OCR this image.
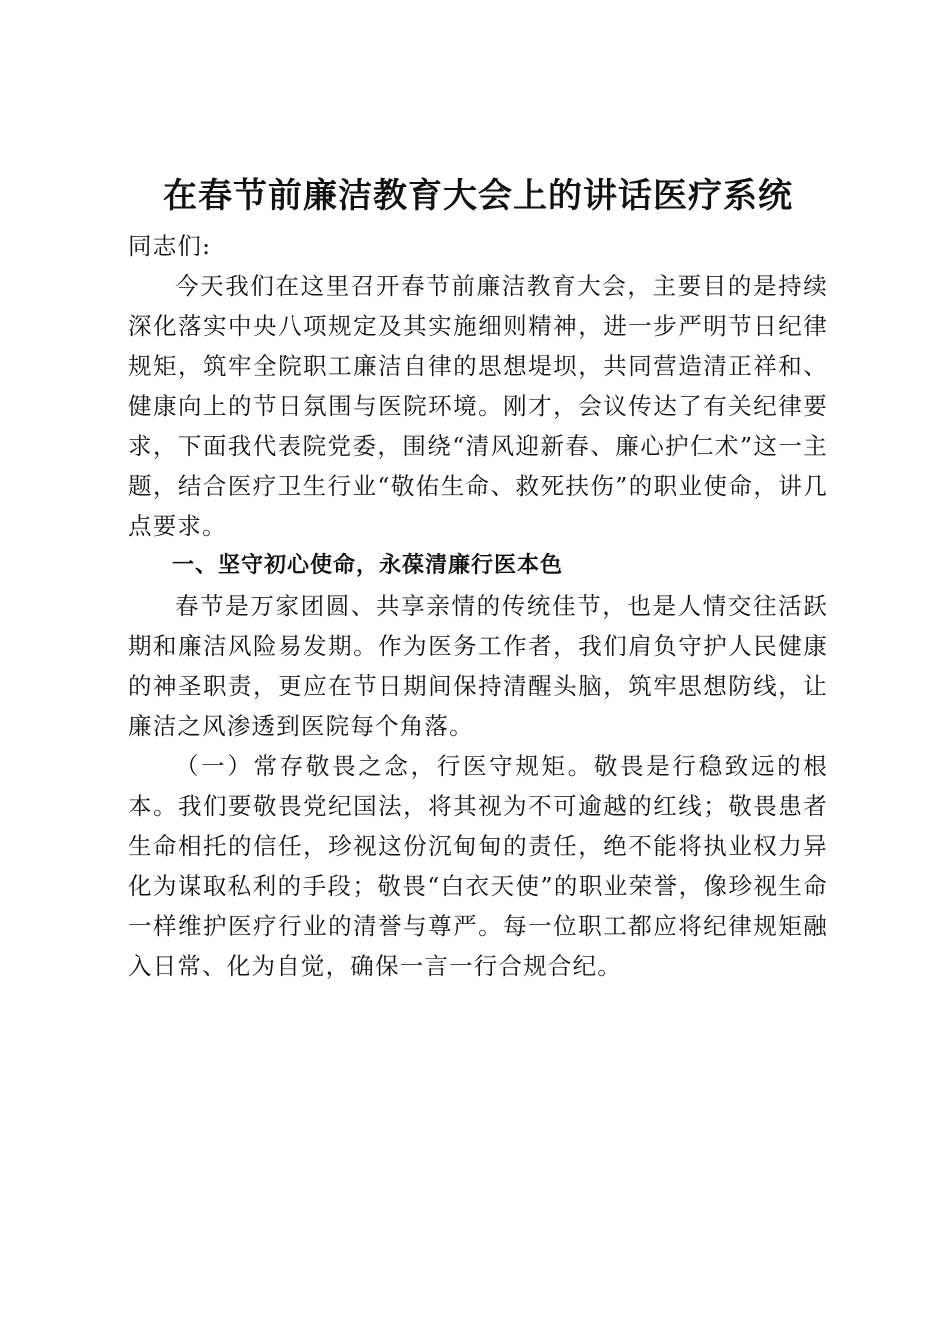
在春节前廉洁教育大会上的讲话医疗系统

同志们:

今天我们在这里召开春节前廉洁教育大会，主要目的是持续深化落实中央八项规定及其实施细则精神，进一步严明节日纪律规矩，筑牢全院职工廉洁自律的思想堤坝，共同营造清正祥和、健康向上的节日氛围与医院环境。刚才，会议传达了有关纪律要求，下面我代表院党委，围绕“清风迎新春、廉心护仁术”这一主题，结合医疗卫生行业“敬佑生命、救死扶伤”的职业使命，讲几点要求。

一、坚守初心使命，永葆清廉行医本色

春节是万家团圆、共享亲情的传统佳节，也是人情交往活跃期和廉洁风险易发期。作为医务工作者，我们肩负守护人民健康的神圣职责，更应在节日期间保持清醒头脑，筑牢思想防线，让廉洁之风渗透到医院每个角落。

（一）常存敬畏之念，行医守规矩。敬畏是行稳致远的根本。我们要敬畏党纪国法，将其视为不可逾越的红线；敬畏患者生命相托的信任，珍视这份沉甸甸的责任，绝不能将执业权力异化为谋取私利的手段；敬畏“白衣天使”的职业荣誉，像珍视生命一样维护医疗行业的清誉与尊严。每一位职工都应将纪律规矩融入日常、化为自觉，确保一言一行合规合纪。
